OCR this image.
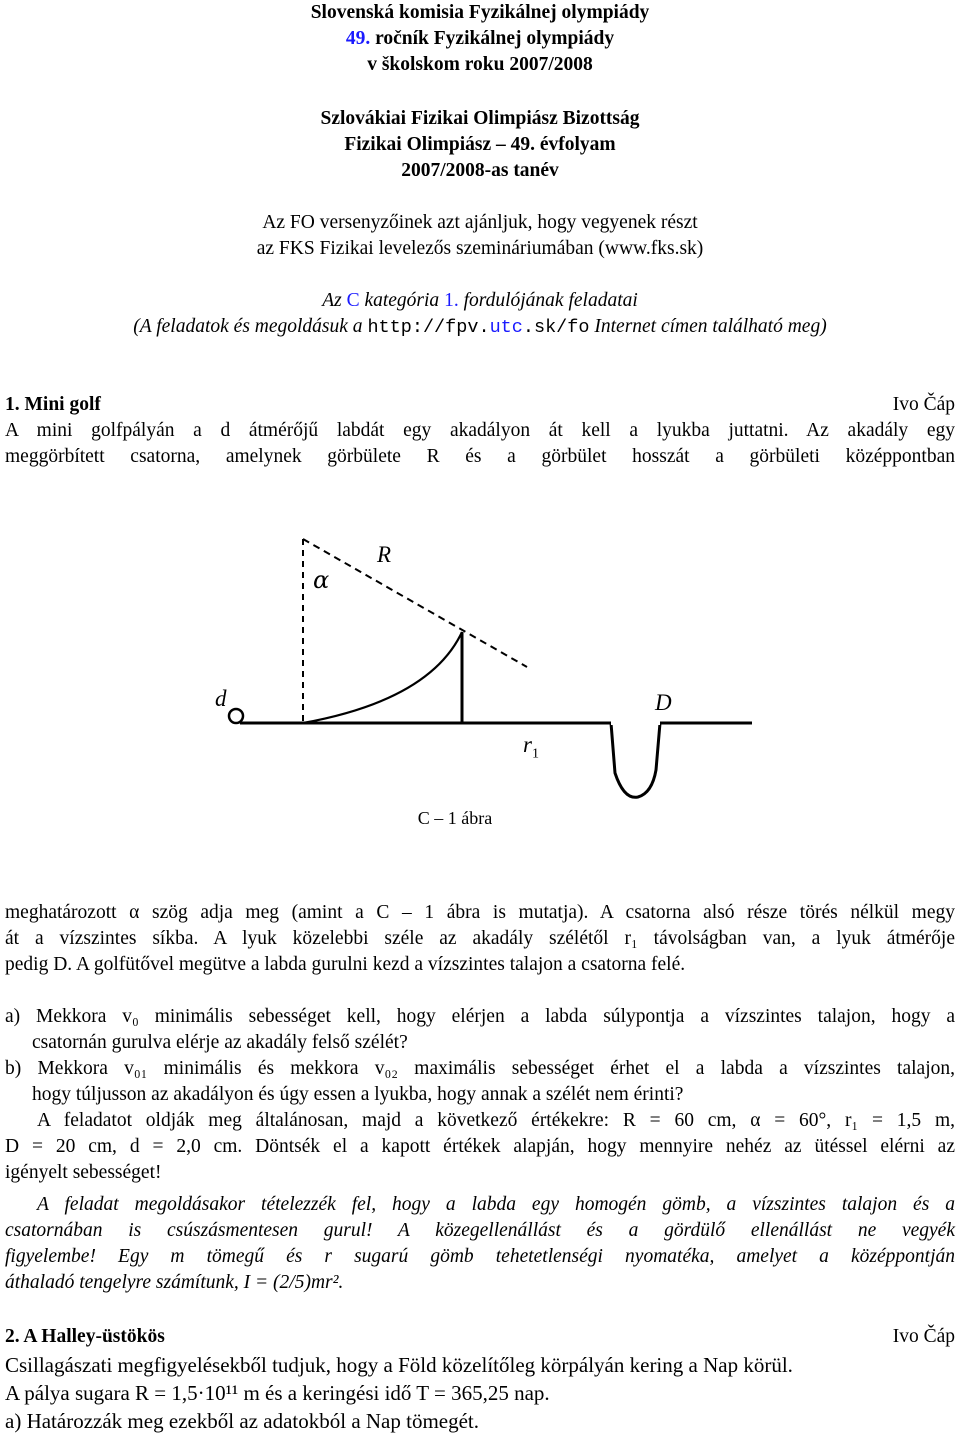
Slovenská komisia Fyzikálnej olympiády
49. ročník Fyzikálnej olympiády
v školskom roku 2007/2008
Szlovákiai Fizikai Olimpiász Bizottság
Fizikai Olimpiász – 49. évfolyam
2007/2008-as tanév
Az FO versenyzőinek azt ajánljuk, hogy vegyenek részt
az FKS Fizikai levelezős szemináriumában (www.fks.sk)
Az C kategória 1. fordulójának feladatai
(A feladatok és megoldásuk a http://fpv.utc.sk/fo Internet címen található meg)
1. Mini golf	Ivo Čáp
A mini golfpályán a d átmérőjű labdát egy akadályon át kell a lyukba juttatni. Az akadály egy
meggörbített csatorna, amelynek görbülete R és a görbület hosszát a görbületi középpontban
α
R
d	D
$r_1$
C – 1 ábra
meghatározott α szög adja meg (amint a C – 1 ábra is mutatja). A csatorna alsó része törés nélkül megy
át a vízszintes síkba. A lyuk közelebbi széle az akadály szélétől r₁ távolságban van, a lyuk átmérője
pedig D. A golfütővel megütve a labda gurulni kezd a vízszintes talajon a csatorna felé.
a) Mekkora v₀ minimális sebességet kell, hogy elérjen a labda súlypontja a vízszintes talajon, hogy a
csatornán gurulva elérje az akadály felső szélét?
b) Mekkora v₀₁ minimális és mekkora v₀₂ maximális sebességet érhet el a labda a vízszintes talajon,
hogy túljusson az akadályon és úgy essen a lyukba, hogy annak a szélét nem érinti?
A feladatot oldják meg általánosan, majd a következő értékekre: R = 60 cm, α = 60°, r₁ = 1,5 m,
D = 20 cm, d = 2,0 cm. Döntsék el a kapott értékek alapján, hogy mennyire nehéz az ütéssel elérni az
igényelt sebességet!
A feladat megoldásakor tételezzék fel, hogy a labda egy homogén gömb, a vízszintes talajon és a
csatornában is csúszásmentesen gurul! A közegellenállást és a gördülő ellenállást ne vegyék
figyelembe! Egy m tömegű és r sugarú gömb tehetetlenségi nyomatéka, amelyet a középpontján
áthaladó tengelyre számítunk, I = (2/5)mr².
2. A Halley-üstökös	Ivo Čáp
Csillagászati megfigyelésekből tudjuk, hogy a Föld közelítőleg körpályán kering a Nap körül.
A pálya sugara R = 1,5·10¹¹ m és a keringési idő T = 365,25 nap.
a) Határozzák meg ezekből az adatokból a Nap tömegét.
